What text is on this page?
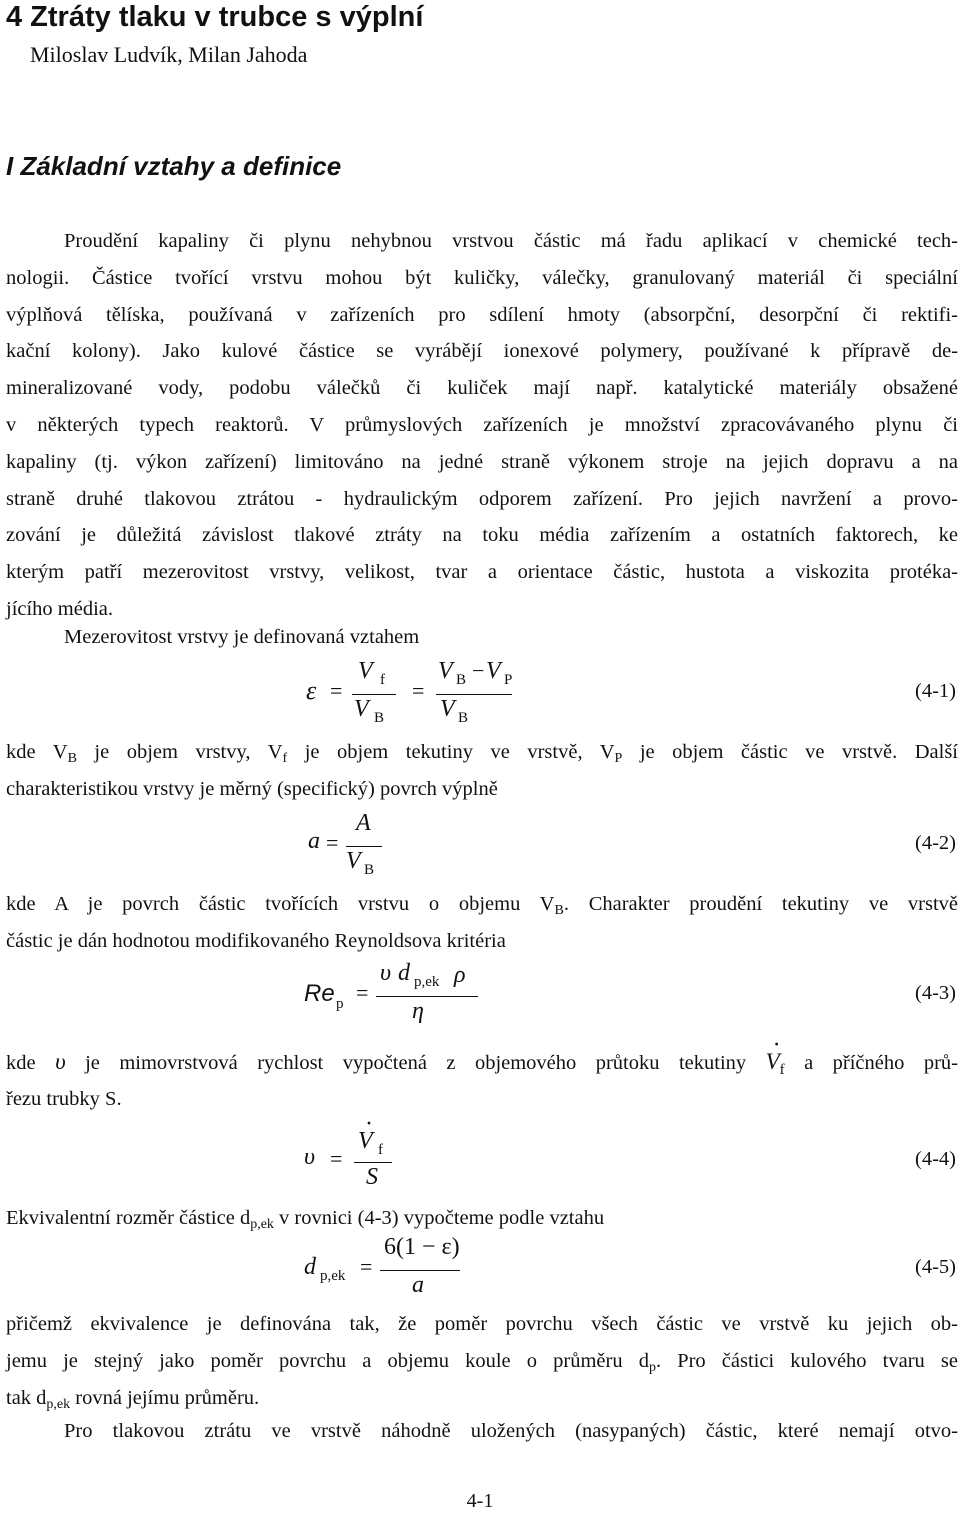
4 Ztráty tlaku v trubce s výplní

Miloslav Ludvík, Milan Jahoda

I Základní vztahy a definice
Proudění kapaliny či plynu nehybnou vrstvou částic má řadu aplikací v chemické tech-
nologii. Částice tvořící vrstvu mohou být kuličky, válečky, granulovaný materiál či speciální
výplňová tělíska, používaná v zařízeních pro sdílení hmoty (absorpční, desorpční či rektifi-
kační kolony). Jako kulové částice se vyrábějí ionexové polymery, používané k přípravě de-
mineralizované vody, podobu válečků či kuliček mají např. katalytické materiály obsažené
v některých typech reaktorů. V průmyslových zařízeních je množství zpracovávaného plynu či
kapaliny (tj. výkon zařízení) limitováno na jedné straně výkonem stroje na jejich dopravu a na
straně druhé tlakovou ztrátou - hydraulickým odporem zařízení. Pro jejich navržení a provo-
zování je důležitá závislost tlakové ztráty na toku média zařízením a ostatních faktorech, ke
kterým patří mezerovitost vrstvy, velikost, tvar a orientace částic, hustota a viskozita protéka-
jícího média.
Mezerovitost vrstvy je definovaná vztahem
ε =
V f
V B
=
V B − V P
V B
(4-1)
kde $V_B$ je objem vrstvy, $V_f$ je objem tekutiny ve vrstvě, $V_P$ je objem částic ve vrstvě. Další
charakteristikou vrstvy je měrný (specifický) povrch výplně
a =
A
V B
(4-2)
kde A je povrch částic tvořících vrstvu o objemu $V_B$. Charakter proudění tekutiny ve vrstvě
částic je dán hodnotou modifikovaného Reynoldsova kritéria
Re p =
υ d p,ek ρ
η
(4-3)
kde υ je mimovrstvová rychlost vypočtená z objemového průtoku tekutiny · $V_f$ a příčného prů-
řezu trubky S.
υ =
· V f
S
(4-4)
Ekvivalentní rozměr částice $d_{p,ek}$ v rovnici (4-3) vypočteme podle vztahu
d p,ek =
6(1 − ε)
a
(4-5)
přičemž ekvivalence je definována tak, že poměr povrchu všech částic ve vrstvě ku jejich ob-
jemu je stejný jako poměr povrchu a objemu koule o průměru $d_p$. Pro částici kulového tvaru se
tak $d_{p,ek}$ rovná jejímu průměru.
Pro tlakovou ztrátu ve vrstvě náhodně uložených (nasypaných) částic, které nemají otvo-
4-1
